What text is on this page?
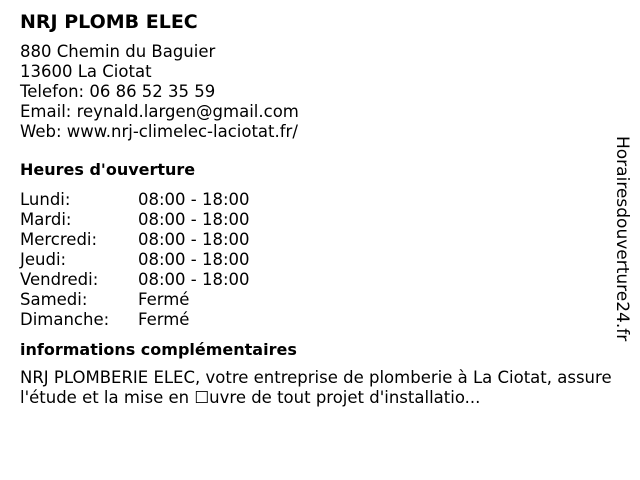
NRJ PLOMB ELEC
880 Chemin du Baguier
13600 La Ciotat
Telefon: 06 86 52 35 59
Email: reynald.largen@gmail.com
Web: www.nrj-climelec-laciotat.fr/
Heures d'ouverture
Lundi:	08:00 - 18:00
Mardi:	08:00 - 18:00
Mercredi:	08:00 - 18:00
Jeudi:	08:00 - 18:00
Vendredi:	08:00 - 18:00
Samedi:	Fermé
Dimanche:	Fermé
informations complémentaires
NRJ PLOMBERIE ELEC, votre entreprise de plomberie à La Ciotat, assure l'étude et la mise en ☐uvre de tout projet d'installatio...
Horairesdouverture24.fr
